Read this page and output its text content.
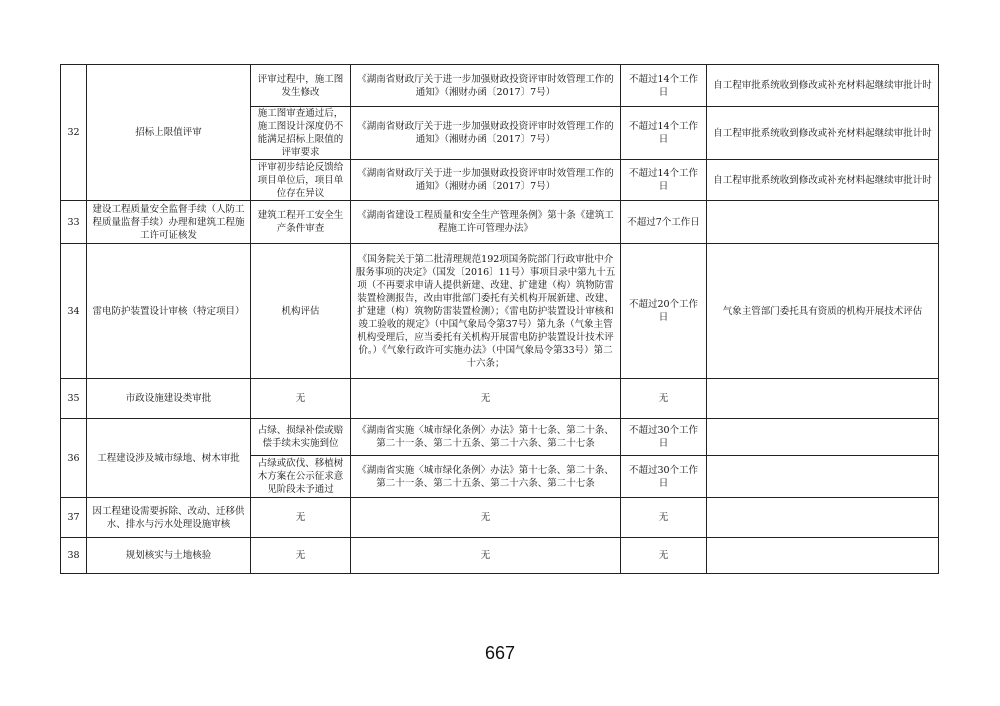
32	招标上限值评审	评审过程中，施工图发生修改	《湖南省财政厅关于进一步加强财政投资评审时效管理工作的通知》（湘财办函〔2017〕7号）	不超过14个工作日	自工程审批系统收到修改或补充材料起继续审批计时
		施工图审查通过后，施工图设计深度仍不能满足招标上限值的评审要求	《湖南省财政厅关于进一步加强财政投资评审时效管理工作的通知》（湘财办函〔2017〕7号）	不超过14个工作日	自工程审批系统收到修改或补充材料起继续审批计时
		评审初步结论反馈给项目单位后，项目单位存在异议	《湖南省财政厅关于进一步加强财政投资评审时效管理工作的通知》（湘财办函〔2017〕7号）	不超过14个工作日	自工程审批系统收到修改或补充材料起继续审批计时
33	建设工程质量安全监督手续（人防工程质量监督手续）办理和建筑工程施工许可证核发	建筑工程开工安全生产条件审查	《湖南省建设工程质量和安全生产管理条例》第十条《建筑工程施工许可管理办法》	不超过7个工作日	
34	雷电防护装置设计审核（特定项目）	机构评估	《国务院关于第二批清理规范192项国务院部门行政审批中介服务事项的决定》（国发〔2016〕11号）事项目录中第九十五项（不再要求申请人提供新建、改建、扩建建（构）筑物防雷装置检测报告，改由审批部门委托有关机构开展新建、改建、扩建建（构）筑物防雷装置检测）；《雷电防护装置设计审核和竣工验收的规定》（中国气象局令第37号）第九条（气象主管机构受理后，应当委托有关机构开展雷电防护装置设计技术评价。）《气象行政许可实施办法》（中国气象局令第33号）第二十六条；	不超过20个工作日	气象主管部门委托具有资质的机构开展技术评估
35	市政设施建设类审批	无	无	无	
36	工程建设涉及城市绿地、树木审批	占绿、损绿补偿或赔偿手续未实施到位	《湖南省实施〈城市绿化条例〉办法》第十七条、第二十条、第二十一条、第二十五条、第二十六条、第二十七条	不超过30个工作日	
		占绿或砍伐、移植树木方案在公示征求意见阶段未予通过	《湖南省实施〈城市绿化条例〉办法》第十七条、第二十条、第二十一条、第二十五条、第二十六条、第二十七条	不超过30个工作日	
37	因工程建设需要拆除、改动、迁移供水、排水与污水处理设施审核	无	无	无	
38	规划核实与土地核验	无	无	无	
667
